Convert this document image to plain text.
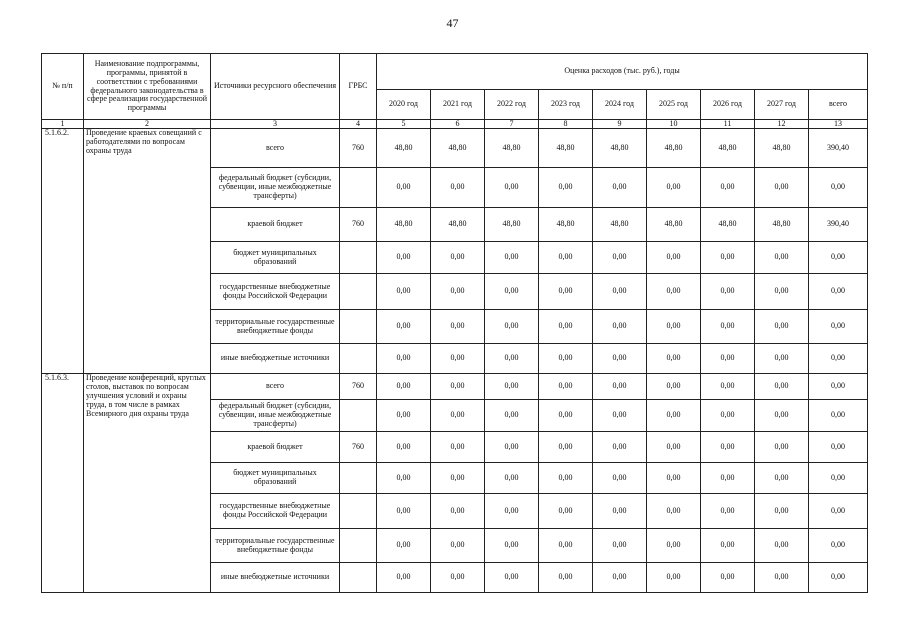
47
№ п/п	Наименование подпрограммы, программы, принятой в соответствии с требованиями федерального законодательства в сфере реализации государственной программы	Источники ресурсного обеспечения	ГРБС	Оценка расходов (тыс. руб.), годы								
				2020 год	2021 год	2022 год	2023 год	2024 год	2025 год	2026 год	2027 год	всего
1	2	3	4	5	6	7	8	9	10	11	12	13
5.1.6.2.	Проведение краевых совещаний с работодателями по вопросам охраны труда	всего	760	48,80	48,80	48,80	48,80	48,80	48,80	48,80	48,80	390,40
		федеральный бюджет (субсидии, субвенции, иные межбюджетные трансферты)		0,00	0,00	0,00	0,00	0,00	0,00	0,00	0,00	0,00
		краевой бюджет	760	48,80	48,80	48,80	48,80	48,80	48,80	48,80	48,80	390,40
		бюджет муниципальных образований		0,00	0,00	0,00	0,00	0,00	0,00	0,00	0,00	0,00
		государственные внебюджетные фонды Российской Федерации		0,00	0,00	0,00	0,00	0,00	0,00	0,00	0,00	0,00
		территориальные государственные внебюджетные фонды		0,00	0,00	0,00	0,00	0,00	0,00	0,00	0,00	0,00
		иные внебюджетные источники		0,00	0,00	0,00	0,00	0,00	0,00	0,00	0,00	0,00
5.1.6.3.	Проведение конференций, круглых столов, выставок по вопросам улучшения условий и охраны труда, в том числе в рамках Всемирного дня охраны труда	всего	760	0,00	0,00	0,00	0,00	0,00	0,00	0,00	0,00	0,00
		федеральный бюджет (субсидии, субвенции, иные межбюджетные трансферты)		0,00	0,00	0,00	0,00	0,00	0,00	0,00	0,00	0,00
		краевой бюджет	760	0,00	0,00	0,00	0,00	0,00	0,00	0,00	0,00	0,00
		бюджет муниципальных образований		0,00	0,00	0,00	0,00	0,00	0,00	0,00	0,00	0,00
		государственные внебюджетные фонды Российской Федерации		0,00	0,00	0,00	0,00	0,00	0,00	0,00	0,00	0,00
		территориальные государственные внебюджетные фонды		0,00	0,00	0,00	0,00	0,00	0,00	0,00	0,00	0,00
		иные внебюджетные источники		0,00	0,00	0,00	0,00	0,00	0,00	0,00	0,00	0,00
